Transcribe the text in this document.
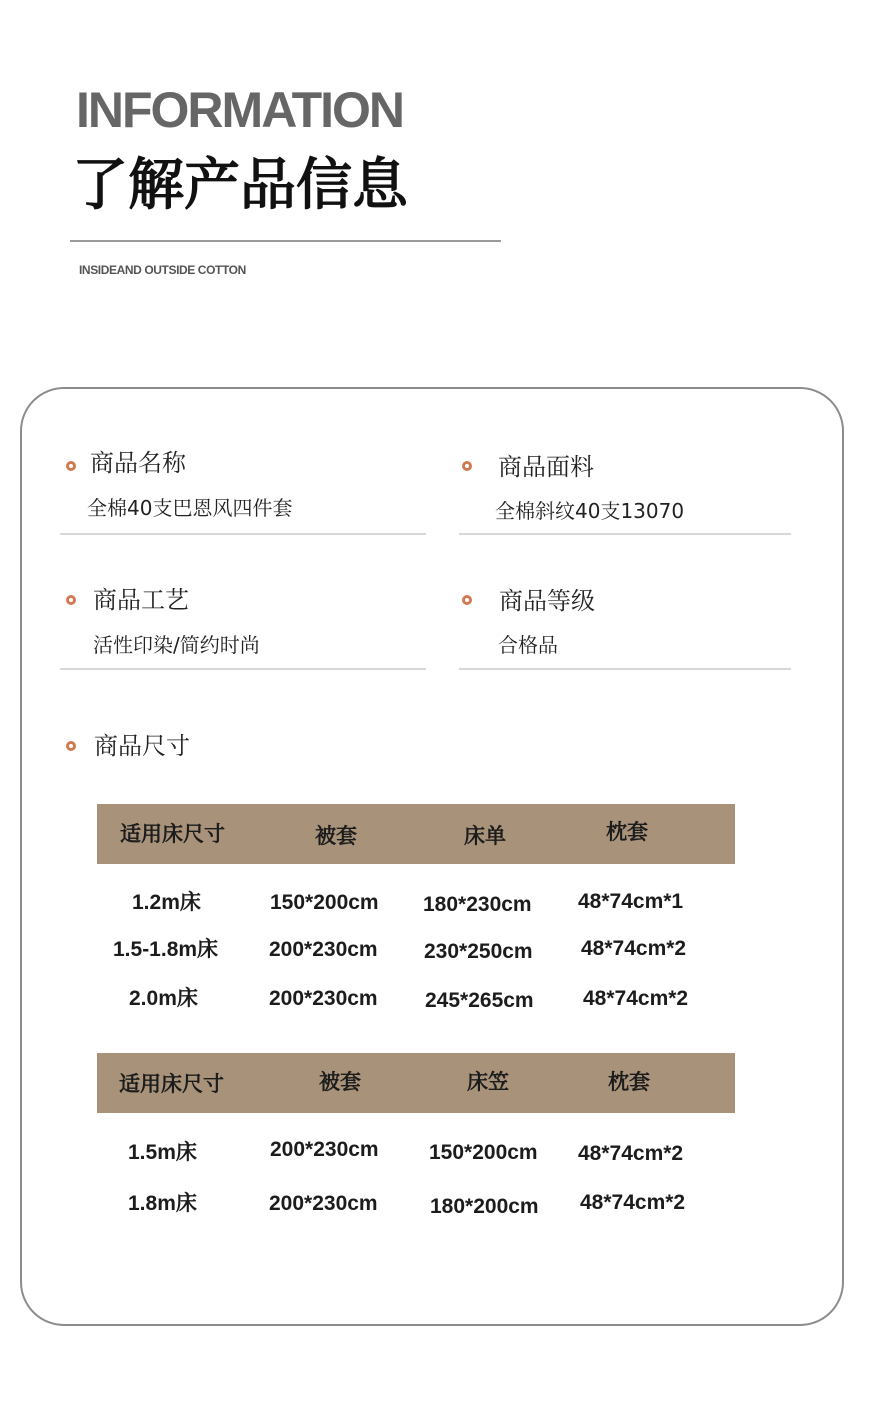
INFORMATION
了解产品信息
INSIDEAND OUTSIDE COTTON
商品名称
全棉40支巴恩风四件套
商品面料
全棉斜纹40支13070
商品工艺
活性印染/简约时尚
商品等级
合格品
商品尺寸
适用床尺寸	被套	床单	枕套
1.2m床	150*200cm 180*230cm 48*74cm*1
1.5-1.8m床 200*230cm 230*250cm 48*74cm*2
2.0m床	200*230cm 245*265cm 48*74cm*2
适用床尺寸	被套	床笠	枕套
1.5m床	200*230cm 150*200cm 48*74cm*2
1.8m床	200*230cm 180*200cm 48*74cm*2
